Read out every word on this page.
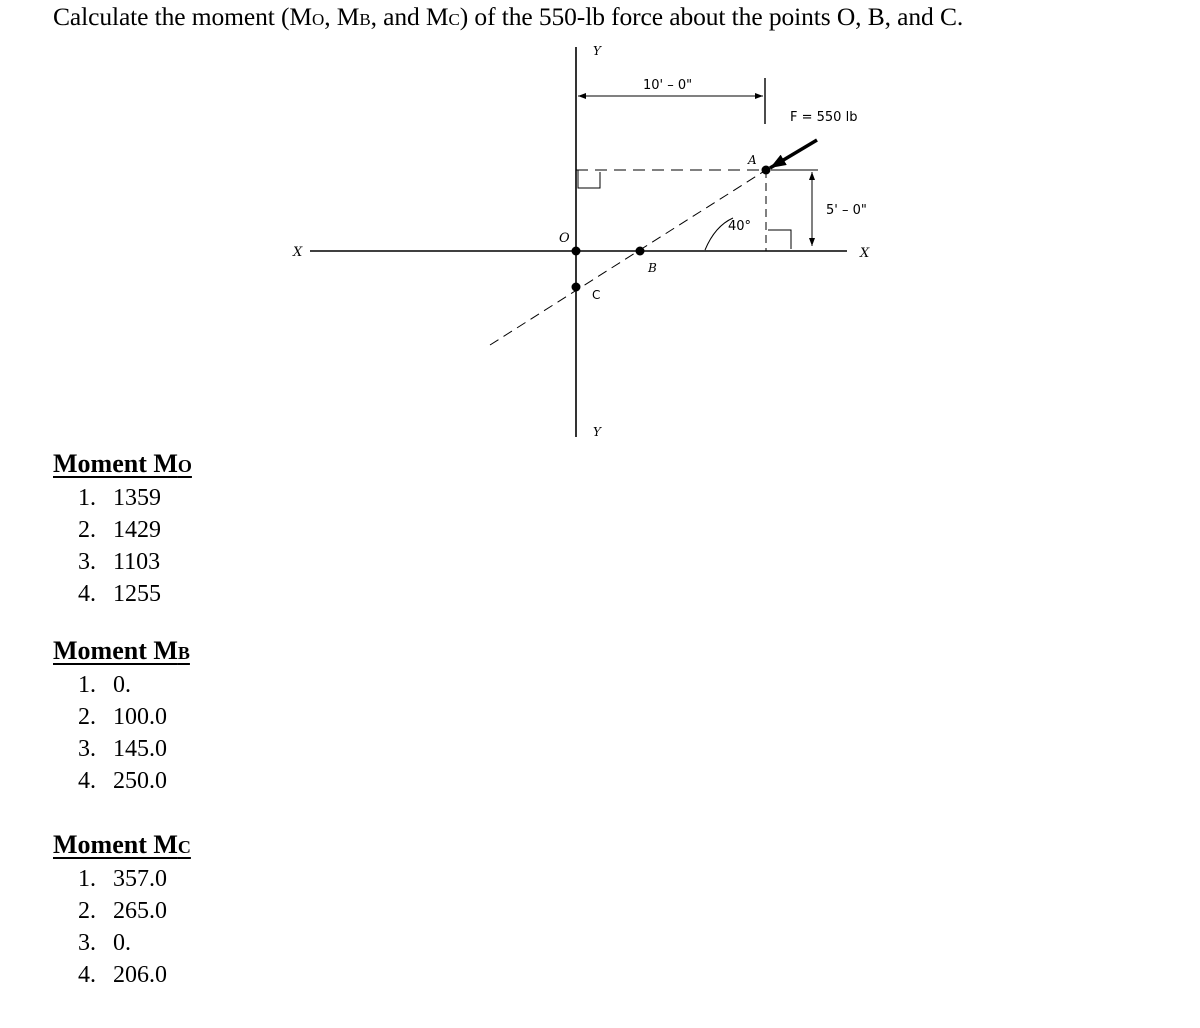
Calculate the moment (MO, MB, and MC) of the 550-lb force about the points O, B, and C.
10' – 0"
5' – 0"
F = 550 lb
40°
Y
Y
X	X
O
A
B
C
Moment MO
1. 1359
2. 1429
3. 1103
4. 1255
Moment MB
1. 0.
2. 100.0
3. 145.0
4. 250.0
Moment MC
1. 357.0
2. 265.0
3. 0.
4. 206.0
